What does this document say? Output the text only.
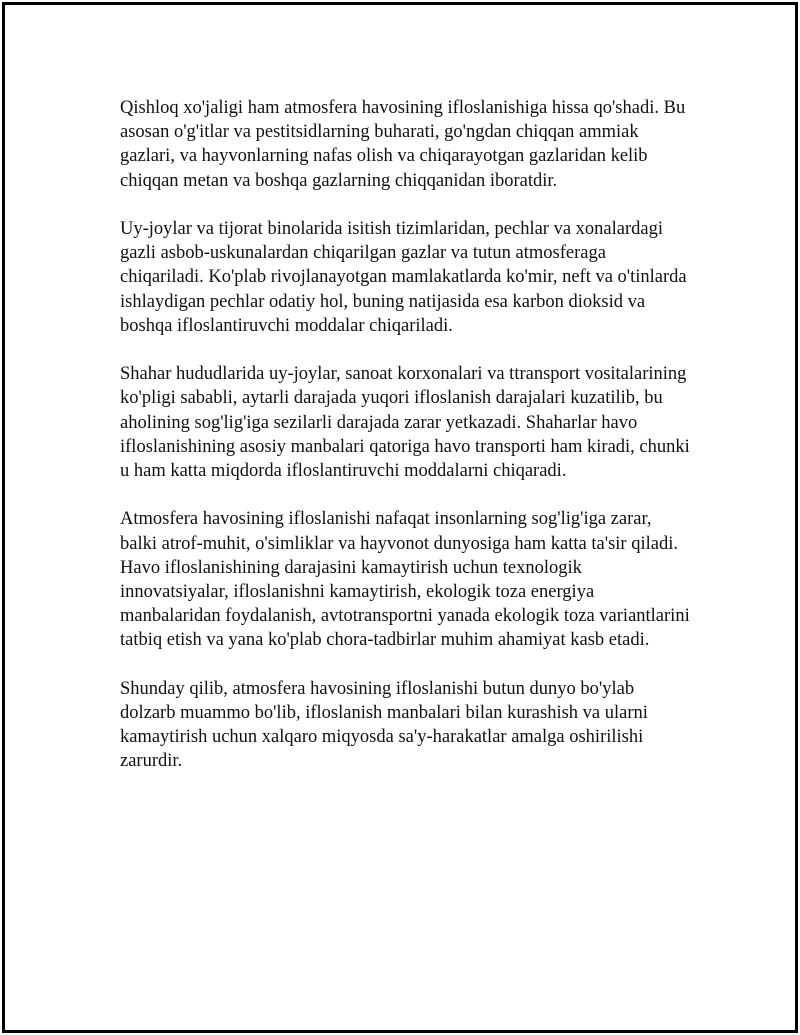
Qishloq xo'jaligi ham atmosfera havosining ifloslanishiga hissa qo'shadi. Bu
asosan o'g'itlar va pestitsidlarning buharati, go'ngdan chiqqan ammiak
gazlari, va hayvonlarning nafas olish va chiqarayotgan gazlaridan kelib
chiqqan metan va boshqa gazlarning chiqqanidan iboratdir.

Uy-joylar va tijorat binolarida isitish tizimlaridan, pechlar va xonalardagi
gazli asbob-uskunalardan chiqarilgan gazlar va tutun atmosferaga
chiqariladi. Ko'plab rivojlanayotgan mamlakatlarda ko'mir, neft va o'tinlarda
ishlaydigan pechlar odatiy hol, buning natijasida esa karbon dioksid va
boshqa ifloslantiruvchi moddalar chiqariladi.

Shahar hududlarida uy-joylar, sanoat korxonalari va ttransport vositalarining
ko'pligi sababli, aytarli darajada yuqori ifloslanish darajalari kuzatilib, bu
aholining sog'lig'iga sezilarli darajada zarar yetkazadi. Shaharlar havo
ifloslanishining asosiy manbalari qatoriga havo transporti ham kiradi, chunki
u ham katta miqdorda ifloslantiruvchi moddalarni chiqaradi.

Atmosfera havosining ifloslanishi nafaqat insonlarning sog'lig'iga zarar,
balki atrof-muhit, o'simliklar va hayvonot dunyosiga ham katta ta'sir qiladi.
Havo ifloslanishining darajasini kamaytirish uchun texnologik
innovatsiyalar, ifloslanishni kamaytirish, ekologik toza energiya
manbalaridan foydalanish, avtotransportni yanada ekologik toza variantlarini
tatbiq etish va yana ko'plab chora-tadbirlar muhim ahamiyat kasb etadi.

Shunday qilib, atmosfera havosining ifloslanishi butun dunyo bo'ylab
dolzarb muammo bo'lib, ifloslanish manbalari bilan kurashish va ularni
kamaytirish uchun xalqaro miqyosda sa'y-harakatlar amalga oshirilishi
zarurdir.
